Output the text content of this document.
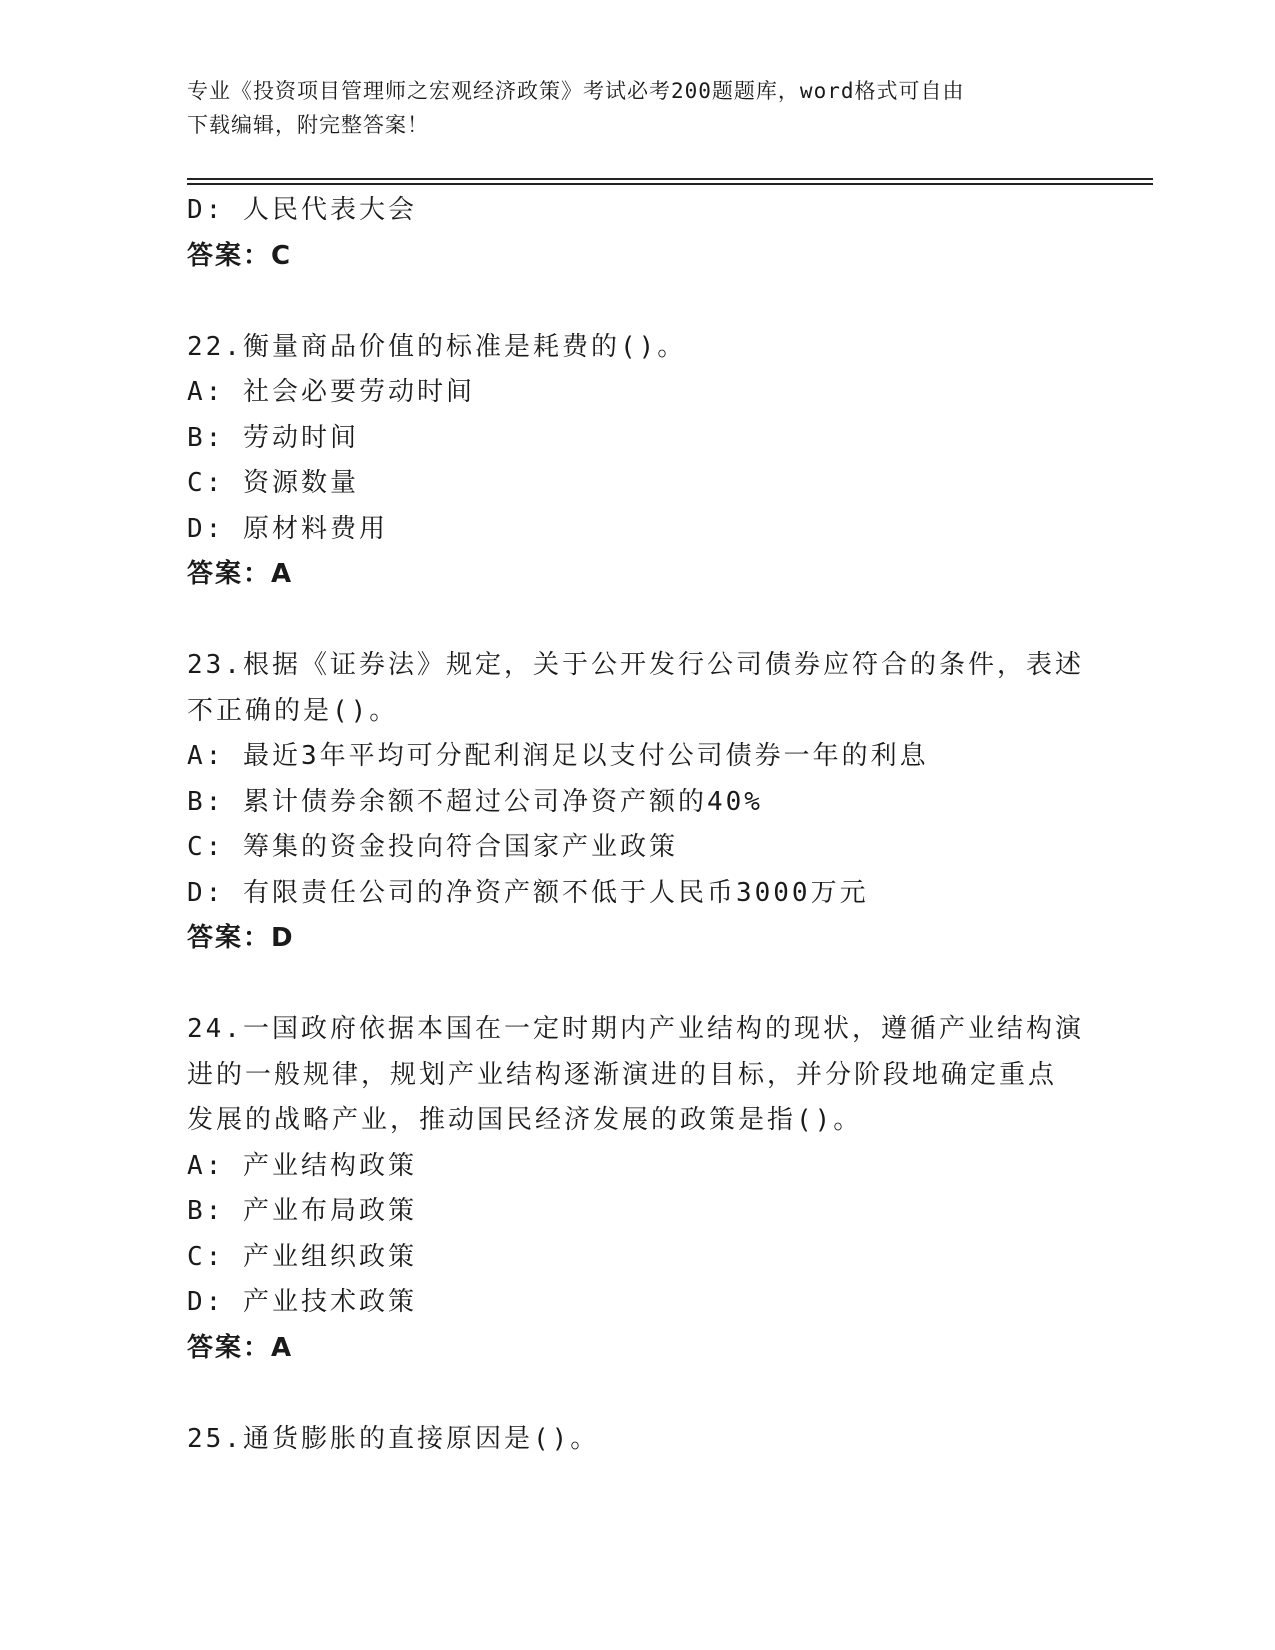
专业《投资项目管理师之宏观经济政策》考试必考200题题库，word格式可自由
下载编辑，附完整答案！
D: 人民代表大会
答案：C
22.衡量商品价值的标准是耗费的()。
A: 社会必要劳动时间
B: 劳动时间
C: 资源数量
D: 原材料费用
答案：A
23.根据《证券法》规定，关于公开发行公司债券应符合的条件，表述
不正确的是()。
A: 最近3年平均可分配利润足以支付公司债券一年的利息
B: 累计债券余额不超过公司净资产额的40%
C: 筹集的资金投向符合国家产业政策
D: 有限责任公司的净资产额不低于人民币3000万元
答案：D
24.一国政府依据本国在一定时期内产业结构的现状，遵循产业结构演
进的一般规律，规划产业结构逐渐演进的目标，并分阶段地确定重点
发展的战略产业，推动国民经济发展的政策是指()。
A: 产业结构政策
B: 产业布局政策
C: 产业组织政策
D: 产业技术政策
答案：A
25.通货膨胀的直接原因是()。
